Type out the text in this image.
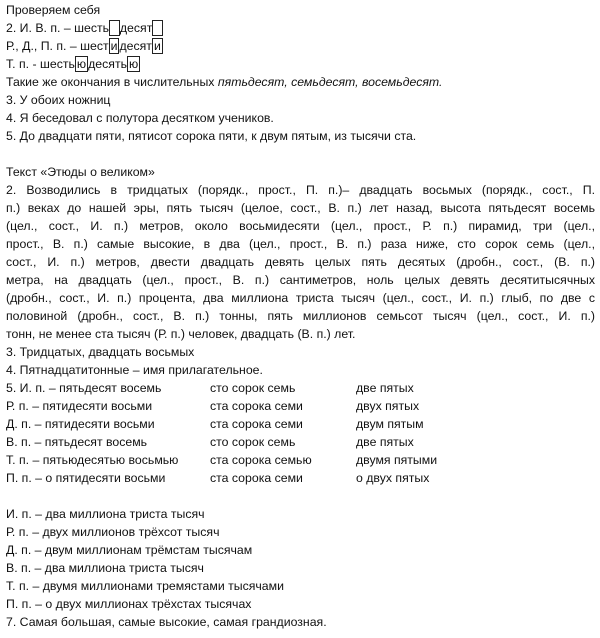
Проверяем себя
2. И. В. п. – шесть десят
Р., Д., П. п. – шест и десят и
Т. п. - шесть ю десять ю
Такие же окончания в числительных пятьдесят, семьдесят, восемьдесят.
3. У обоих ножниц
4. Я беседовал с полутора десятком учеников.
5. До двадцати пяти, пятисот сорока пяти, к двум пятым, из тысячи ста.
Текст «Этюды о великом»
2. Возводились в тридцатых (порядк., прост., П. п.)– двадцать восьмых (порядк., сост., П.
п.) веках до нашей эры, пять тысяч (целое, сост., В. п.) лет назад, высота пятьдесят восемь
(цел., сост., И. п.) метров, около восьмидесяти (цел., прост., Р. п.) пирамид, три (цел.,
прост., В. п.) самые высокие, в два (цел., прост., В. п.) раза ниже, сто сорок семь (цел.,
сост., И. п.) метров, двести двадцать девять целых пять десятых (дробн., сост., (В. п.)
метра, на двадцать (цел., прост., В. п.) сантиметров, ноль целых девять десятитысячных
(дробн., сост., И. п.) процента, два миллиона триста тысяч (цел., сост., И. п.) глыб, по две с
половиной (дробн., сост., В. п.) тонны, пять миллионов семьсот тысяч (цел., сост., И. п.)
тонн, не менее ста тысяч (Р. п.) человек, двадцать (В. п.) лет.
3. Тридцатых, двадцать восьмых
4. Пятнадцатитонные – имя прилагательное.
5. И. п. – пятьдесят восемь	сто сорок семь	две пятых
Р. п. – пятидесяти восьми	ста сорока семи	двух пятых
Д. п. – пятидесяти восьми	ста сорока семи	двум пятым
В. п. – пятьдесят восемь	сто сорок семь	две пятых
Т. п. – пятьюдесятью восьмью	ста сорока семью	двумя пятыми
П. п. – о пятидесяти восьми	ста сорока семи	о двух пятых
И. п. – два миллиона триста тысяч
Р. п. – двух миллионов трёхсот тысяч
Д. п. – двум миллионам трёмстам тысячам
В. п. – два миллиона триста тысяч
Т. п. – двумя миллионами тремястами тысячами
П. п. – о двух миллионах трёхстах тысячах
7. Самая большая, самые высокие, самая грандиозная.
